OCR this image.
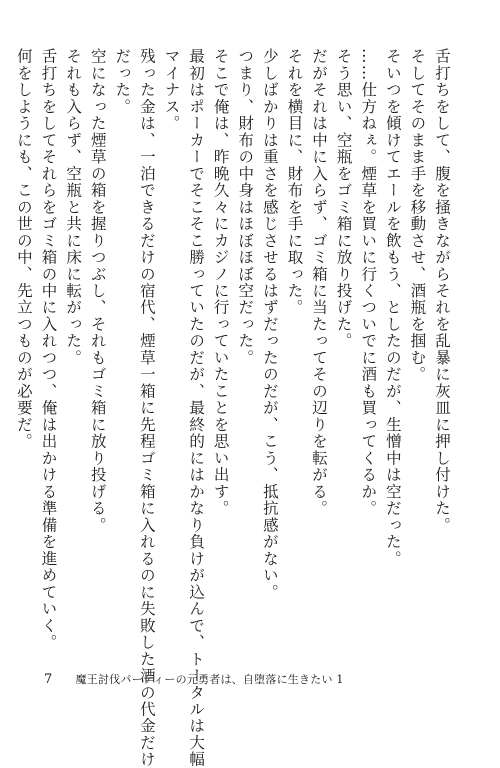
舌打ちをして、腹を掻きながらそれを乱暴に灰皿に押し付けた。
そしてそのまま手を移動させ、酒瓶を掴む。
そいつを傾けてエールを飲もう、としたのだが、生憎中は空だった。
……仕方ねぇ。煙草を買いに行くついでに酒も買ってくるか。
そう思い、空瓶をゴミ箱に放り投げた。
だがそれは中に入らず、ゴミ箱に当たってその辺りを転がる。
それを横目に、財布を手に取った。
少しばかりは重さを感じさせるはずだったのだが、こう、抵抗感がない。
つまり、財布の中身はほぼほぼ空だった。
そこで俺は、昨晩久々にカジノに行っていたことを思い出す。
最初はポーカーでそこそこ勝っていたのだが、最終的にはかなり負けが込んで、トータルは大幅
マイナス。
残った金は、一泊できるだけの宿代、煙草一箱に先程ゴミ箱に入れるのに失敗した酒の代金だけ
だった。
空になった煙草の箱を握りつぶし、それもゴミ箱に放り投げる。
それも入らず、空瓶と共に床に転がった。
舌打ちをしてそれらをゴミ箱の中に入れつつ、俺は出かける準備を進めていく。
何をしようにも、この世の中、先立つものが必要だ。
7 魔王討伐パーティーの元勇者は、自堕落に生きたい 1
